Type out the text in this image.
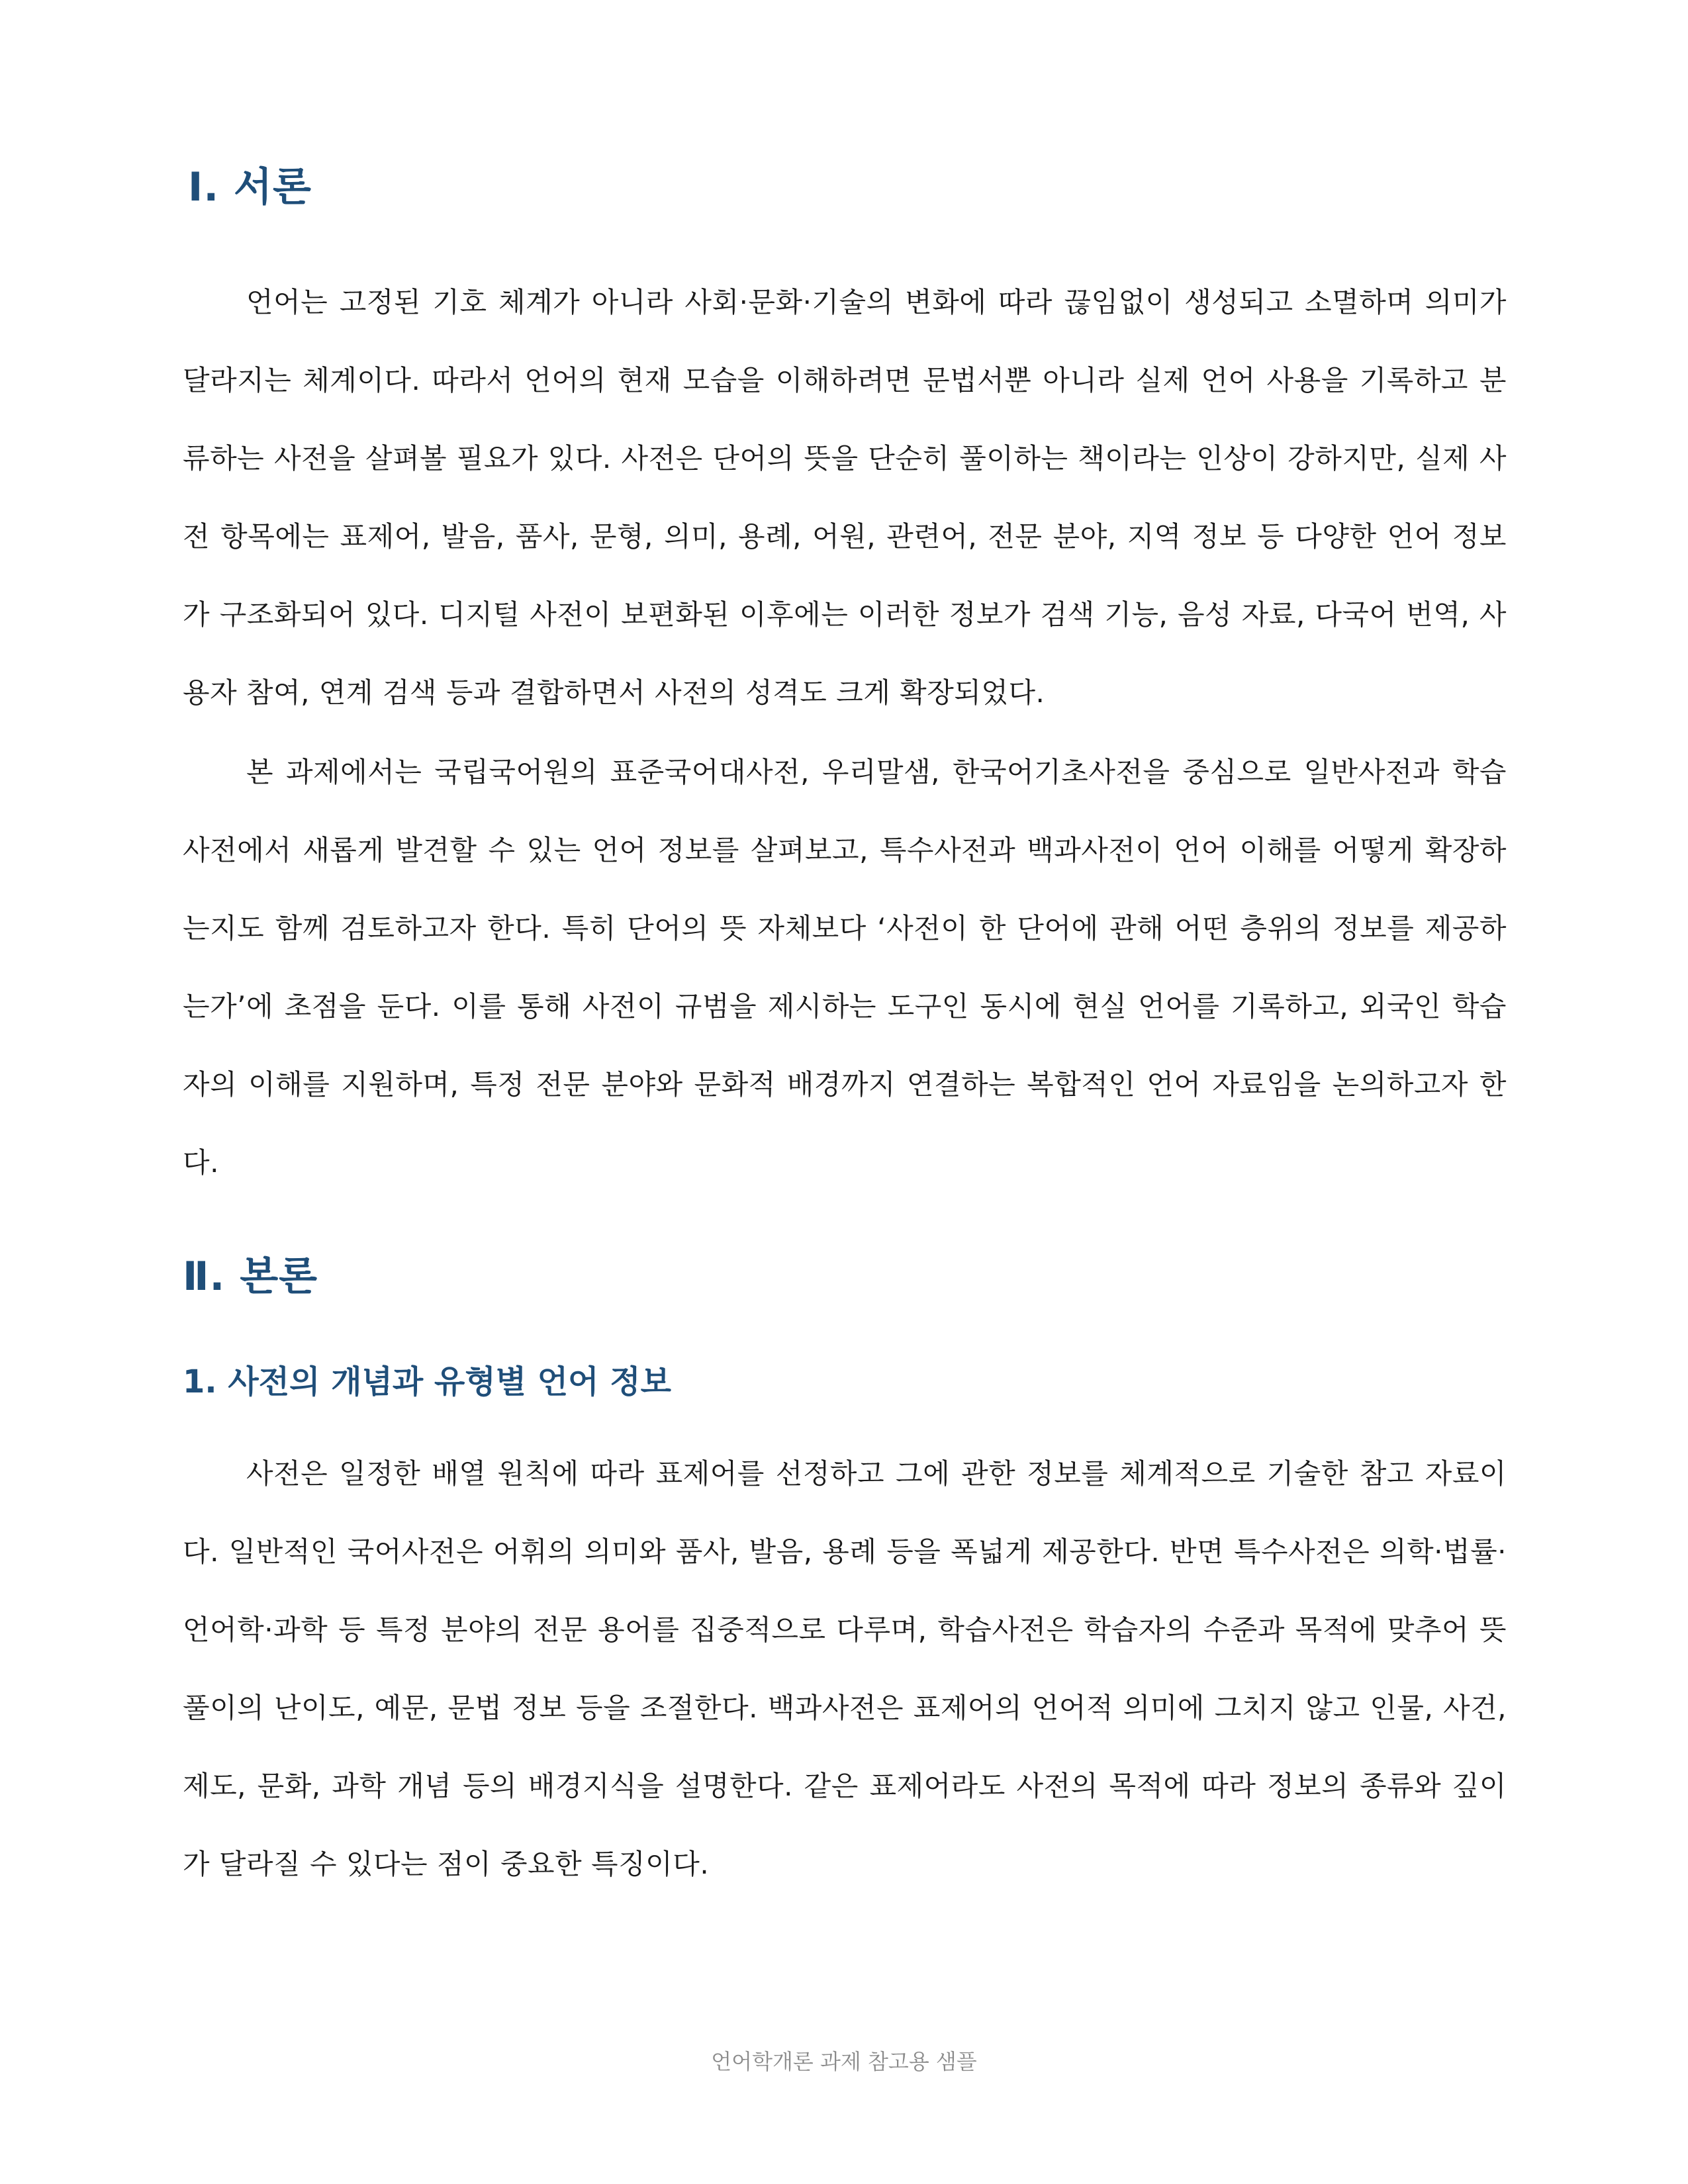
Ⅰ. 서론

언어는 고정된 기호 체계가 아니라 사회·문화·기술의 변화에 따라 끊임없이 생성되고 소멸하며 의미가 달라지는 체계이다. 따라서 언어의 현재 모습을 이해하려면 문법서뿐 아니라 실제 언어 사용을 기록하고 분류하는 사전을 살펴볼 필요가 있다. 사전은 단어의 뜻을 단순히 풀이하는 책이라는 인상이 강하지만, 실제 사전 항목에는 표제어, 발음, 품사, 문형, 의미, 용례, 어원, 관련어, 전문 분야, 지역 정보 등 다양한 언어 정보가 구조화되어 있다. 디지털 사전이 보편화된 이후에는 이러한 정보가 검색 기능, 음성 자료, 다국어 번역, 사용자 참여, 연계 검색 등과 결합하면서 사전의 성격도 크게 확장되었다.

본 과제에서는 국립국어원의 표준국어대사전, 우리말샘, 한국어기초사전을 중심으로 일반사전과 학습사전에서 새롭게 발견할 수 있는 언어 정보를 살펴보고, 특수사전과 백과사전이 언어 이해를 어떻게 확장하는지도 함께 검토하고자 한다. 특히 단어의 뜻 자체보다 ‘사전이 한 단어에 관해 어떤 층위의 정보를 제공하는가’에 초점을 둔다. 이를 통해 사전이 규범을 제시하는 도구인 동시에 현실 언어를 기록하고, 외국인 학습자의 이해를 지원하며, 특정 전문 분야와 문화적 배경까지 연결하는 복합적인 언어 자료임을 논의하고자 한다.

Ⅱ. 본론
1. 사전의 개념과 유형별 언어 정보

사전은 일정한 배열 원칙에 따라 표제어를 선정하고 그에 관한 정보를 체계적으로 기술한 참고 자료이다. 일반적인 국어사전은 어휘의 의미와 품사, 발음, 용례 등을 폭넓게 제공한다. 반면 특수사전은 의학·법률·언어학·과학 등 특정 분야의 전문 용어를 집중적으로 다루며, 학습사전은 학습자의 수준과 목적에 맞추어 뜻풀이의 난이도, 예문, 문법 정보 등을 조절한다. 백과사전은 표제어의 언어적 의미에 그치지 않고 인물, 사건, 제도, 문화, 과학 개념 등의 배경지식을 설명한다. 같은 표제어라도 사전의 목적에 따라 정보의 종류와 깊이가 달라질 수 있다는 점이 중요한 특징이다.

언어학개론 과제 참고용 샘플
